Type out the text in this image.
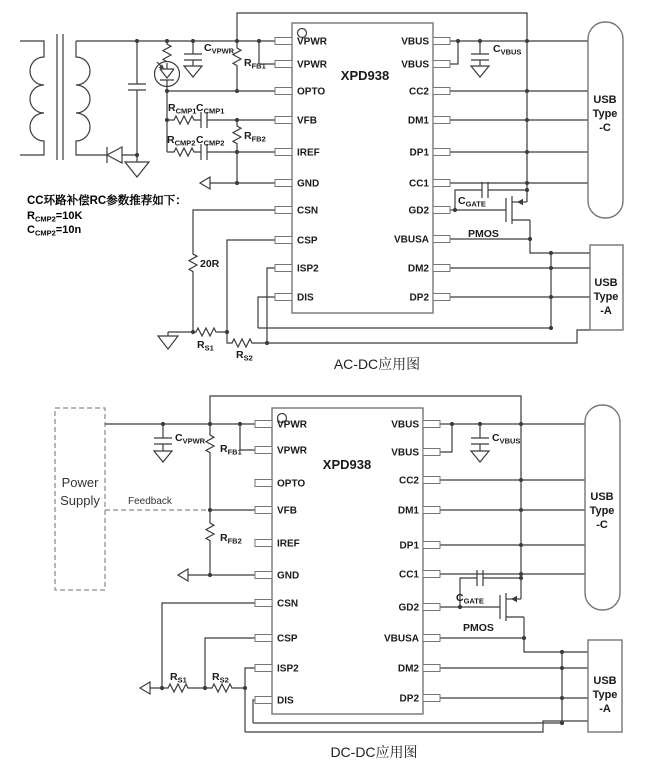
$C_{VPWR}$
$R_{FB1}$
$R_{CMP1}$ $C_{CMP1}$
$R_{CMP2}$ $C_{CMP2}$
$R_{FB2}$
20R
$R_{S1}$
$R_{S2}$
$C_{VBUS}$
$C_{GATE}$
PMOS
XPD938
VPWR
VPWR
OPTO
VFB
IREF
GND
CSN
CSP
ISP2
DIS
VBUS
VBUS
CC2
DM1
DP1
CC1
GD2
VBUSA
DM2
DP2
USB
Type
-C
USB
Type
-A
CC环路补偿RC参数推荐如下：
$R_{CMP2}=10K$
$C_{CMP2}=10n$
AC-DC应用图
Power
Supply	Feedback
$C_{VPWR}$
$R_{FB1}$
$R_{FB2}$
$R_{S1}$ $R_{S2}$
$C_{VBUS}$
$C_{GATE}$
PMOS
XPD938
VPWR
VPWR
OPTO
VFB
IREF
GND
CSN
CSP
ISP2
DIS
VBUS
VBUS
CC2
DM1
DP1
CC1
GD2
VBUSA
DM2
DP2
USB
Type
-C
USB
Type
-A
DC-DC应用图
